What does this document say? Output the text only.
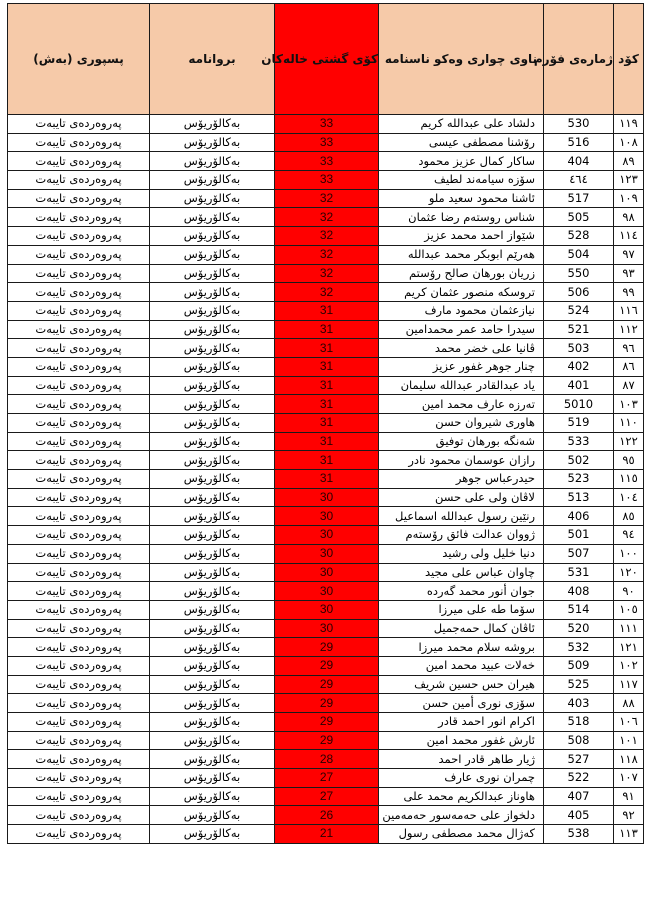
كۆد	ژمارەی فۆرم	ناوی چواری وەکو ناسنامە	کۆی گشتی خالەکان	بروانامە	پسپوری (بەش)
١١٩	530	دلشاد علی عبدالله کریم	33	بەکالۆریۆس	پەروەردەی تایبەت
١٠٨	516	رۆشنا مصطفی عیسی	33	بەکالۆریۆس	پەروەردەی تایبەت
٨٩	404	ساکار کمال عزیز محمود	33	بەکالۆریۆس	پەروەردەی تایبەت
١٢٣	٤٦٤	سۆزە سیامەند لطیف	33	بەکالۆریۆس	پەروەردەی تایبەت
١٠٩	517	ئاشنا محمود سعید ملو	32	بەکالۆریۆس	پەروەردەی تایبەت
٩٨	505	شناس روستەم رضا عثمان	32	بەکالۆریۆس	پەروەردەی تایبەت
١١٤	528	شێواز احمد محمد عزیز	32	بەکالۆریۆس	پەروەردەی تایبەت
٩٧	504	هەرێم ابوبکر محمد عبدالله	32	بەکالۆریۆس	پەروەردەی تایبەت
٩٣	550	زریان بورهان صالح رۆستم	32	بەکالۆریۆس	پەروەردەی تایبەت
٩٩	506	تروسکە منصور عثمان کریم	32	بەکالۆریۆس	پەروەردەی تایبەت
١١٦	524	نیازعثمان محمود مارف	31	بەکالۆریۆس	پەروەردەی تایبەت
١١٢	521	سیدرا حامد عمر محمدامین	31	بەکالۆریۆس	پەروەردەی تایبەت
٩٦	503	ڤانیا علی خضر محمد	31	بەکالۆریۆس	پەروەردەی تایبەت
٨٦	402	چنار جوهر غفور عزیز	31	بەکالۆریۆس	پەروەردەی تایبەت
٨٧	401	یاد عبدالقادر عبدالله سلیمان	31	بەکالۆریۆس	پەروەردەی تایبەت
١٠٣	5010	تەرزە عارف محمد امین	31	بەکالۆریۆس	پەروەردەی تایبەت
١١٠	519	هاوری شیروان حسن	31	بەکالۆریۆس	پەروەردەی تایبەت
١٢٢	533	شەنگە بورهان توفیق	31	بەکالۆریۆس	پەروەردەی تایبەت
٩٥	502	رازان عوسمان محمود نادر	31	بەکالۆریۆس	پەروەردەی تایبەت
١١٥	523	حیدرعباس جوهر	31	بەکالۆریۆس	پەروەردەی تایبەت
١٠٤	513	لاڤان ولی علی حسن	30	بەکالۆریۆس	پەروەردەی تایبەت
٨٥	406	رنێین رسول عبدالله اسماعیل	30	بەکالۆریۆس	پەروەردەی تایبەت
٩٤	501	ژووان عدالت فائق رۆستەم	30	بەکالۆریۆس	پەروەردەی تایبەت
١٠٠	507	دنیا خلیل ولی رشید	30	بەکالۆریۆس	پەروەردەی تایبەت
١٢٠	531	چاوان عباس علی مجید	30	بەکالۆریۆس	پەروەردەی تایبەت
٩٠	408	جوان أنور محمد گەردە	30	بەکالۆریۆس	پەروەردەی تایبەت
١٠٥	514	سۆما طه علی میرزا	30	بەکالۆریۆس	پەروەردەی تایبەت
١١١	520	ئاڤان کمال حمەجمیل	30	بەکالۆریۆس	پەروەردەی تایبەت
١٢١	532	بروشە سلام محمد میرزا	29	بەکالۆریۆس	پەروەردەی تایبەت
١٠٢	509	خەلات عبید محمد امین	29	بەکالۆریۆس	پەروەردەی تایبەت
١١٧	525	هیران حس حسین شریف	29	بەکالۆریۆس	پەروەردەی تایبەت
٨٨	403	سۆزی نوری أمین حسن	29	بەکالۆریۆس	پەروەردەی تایبەت
١٠٦	518	اکرام انور احمد قادر	29	بەکالۆریۆس	پەروەردەی تایبەت
١٠١	508	ئارش غفور محمد امین	29	بەکالۆریۆس	پەروەردەی تایبەت
١١٨	527	ژیار طاهر قادر احمد	28	بەکالۆریۆس	پەروەردەی تایبەت
١٠٧	522	چمران نوری عارف	27	بەکالۆریۆس	پەروەردەی تایبەت
٩١	407	هاوناز عبدالکریم محمد علی	27	بەکالۆریۆس	پەروەردەی تایبەت
٩٢	405	دلخواز علی حەمەسور حەمەمین	26	بەکالۆریۆس	پەروەردەی تایبەت
١١٣	538	کەژال محمد مصطفی رسول	21	بەکالۆریۆس	پەروەردەی تایبەت
